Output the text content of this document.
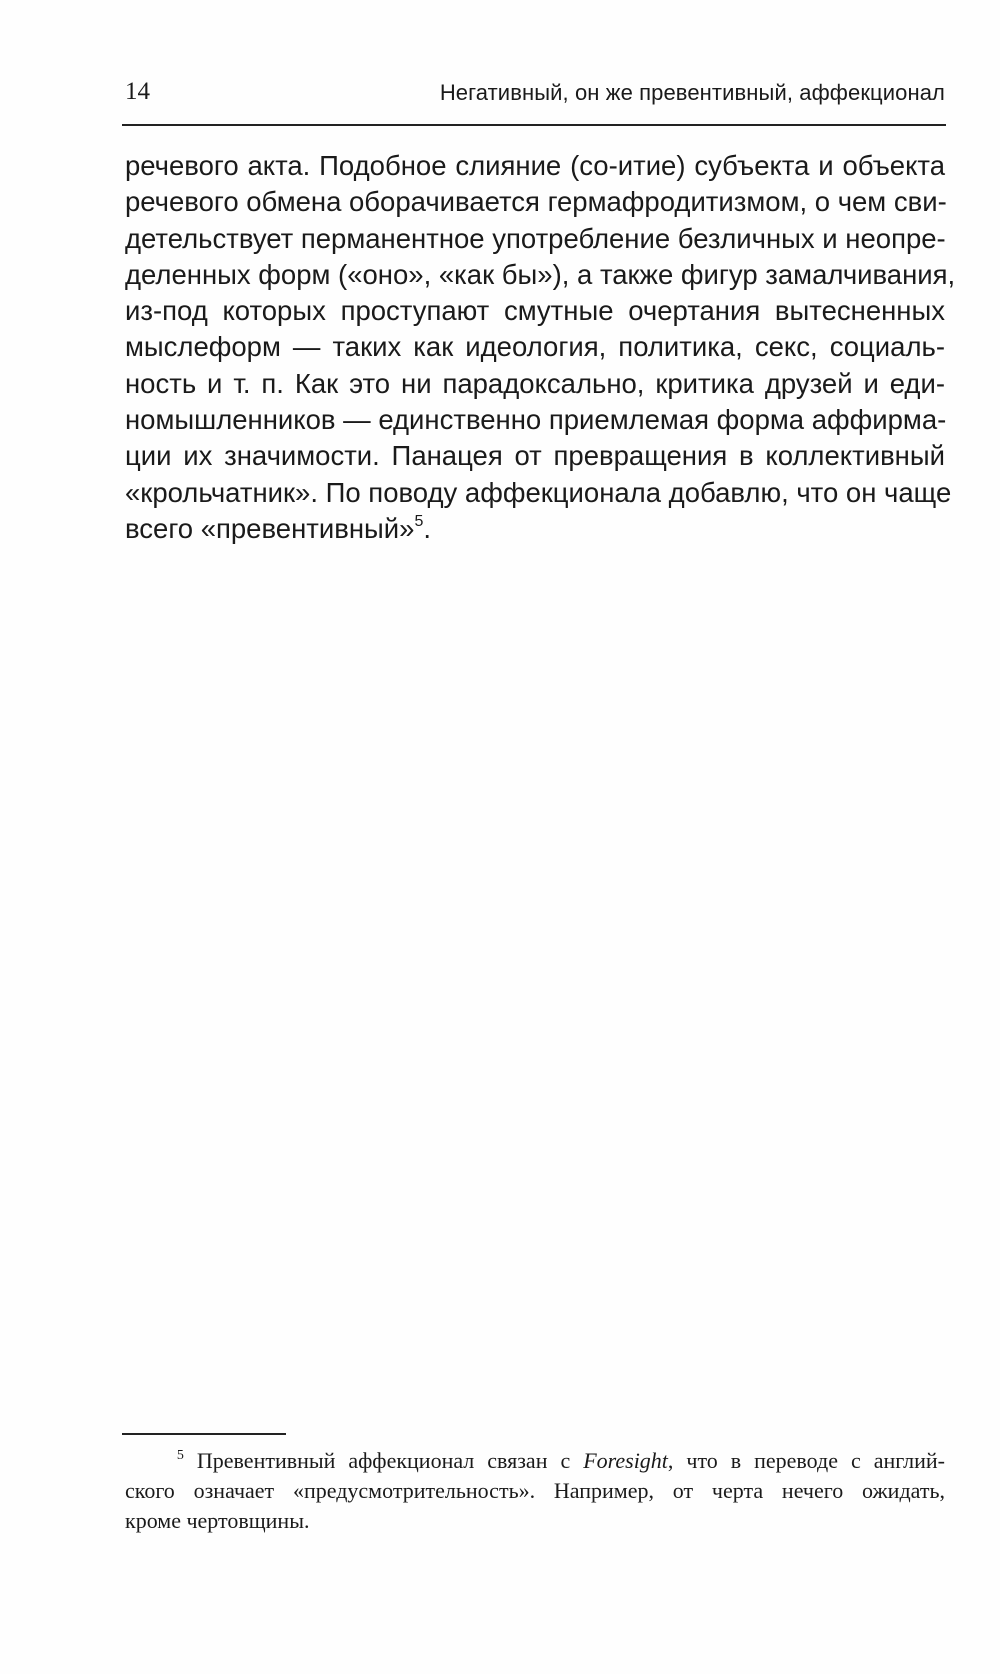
14	Негативный, он же превентивный, аффекционал
речевого акта. Подобное слияние (со-итие) субъекта и объекта
речевого обмена оборачивается гермафродитизмом, о чем сви-
детельствует перманентное употребление безличных и неопре-
деленных форм («оно», «как бы»), а также фигур замалчивания,
из-под которых проступают смутные очертания вытесненных
мыслеформ — таких как идеология, политика, секс, социаль-
ность и т. п. Как это ни парадоксально, критика друзей и еди-
номышленников — единственно приемлемая форма аффирма-
ции их значимости. Панацея от превращения в коллективный
«крольчатник». По поводу аффекционала добавлю, что он чаще
всего «превентивный»$^5$.
$^5$ Превентивный аффекционал связан с Foresight, что в переводе с англий-
ского означает «предусмотрительность». Например, от черта нечего ожидать,
кроме чертовщины.
